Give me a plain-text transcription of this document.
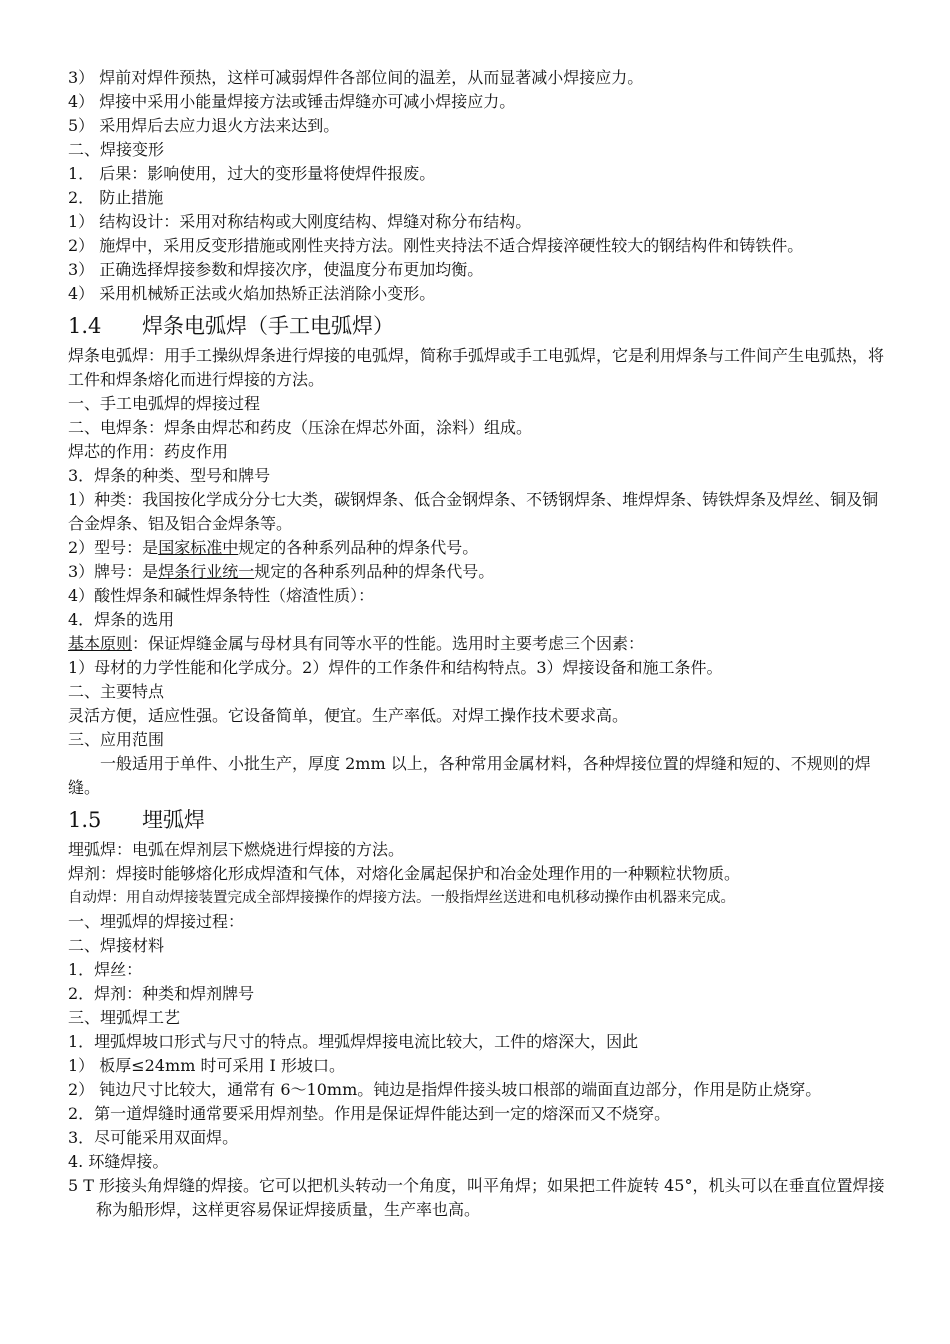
3） 焊前对焊件预热，这样可减弱焊件各部位间的温差，从而显著减小焊接应力。
4） 焊接中采用小能量焊接方法或锤击焊缝亦可减小焊接应力。
5） 采用焊后去应力退火方法来达到。
二、焊接变形
1． 后果：影响使用，过大的变形量将使焊件报废。
2． 防止措施
1） 结构设计：采用对称结构或大刚度结构、焊缝对称分布结构。
2） 施焊中，采用反变形措施或刚性夹持方法。刚性夹持法不适合焊接淬硬性较大的钢结构件和铸铁件。
3） 正确选择焊接参数和焊接次序，使温度分布更加均衡。
4） 采用机械矫正法或火焰加热矫正法消除小变形。
1.4 焊条电弧焊（手工电弧焊）
焊条电弧焊：用手工操纵焊条进行焊接的电弧焊，简称手弧焊或手工电弧焊，它是利用焊条与工件间产生电弧热，将工件和焊条熔化而进行焊接的方法。
一、手工电弧焊的焊接过程
二、电焊条：焊条由焊芯和药皮（压涂在焊芯外面，涂料）组成。
焊芯的作用：药皮作用
3．焊条的种类、型号和牌号
1）种类：我国按化学成分分七大类，碳钢焊条、低合金钢焊条、不锈钢焊条、堆焊焊条、铸铁焊条及焊丝、铜及铜合金焊条、铝及铝合金焊条等。
2）型号：是国家标准中规定的各种系列品种的焊条代号。
3）牌号：是焊条行业统一规定的各种系列品种的焊条代号。
4）酸性焊条和碱性焊条特性（熔渣性质）：
4．焊条的选用
基本原则：保证焊缝金属与母材具有同等水平的性能。选用时主要考虑三个因素：
1）母材的力学性能和化学成分。2）焊件的工作条件和结构特点。3）焊接设备和施工条件。
二、主要特点
灵活方便，适应性强。它设备简单，便宜。生产率低。对焊工操作技术要求高。
三、应用范围
一般适用于单件、小批生产，厚度 2mm 以上，各种常用金属材料，各种焊接位置的焊缝和短的、不规则的焊缝。
1.5 埋弧焊
埋弧焊：电弧在焊剂层下燃烧进行焊接的方法。
焊剂：焊接时能够熔化形成焊渣和气体，对熔化金属起保护和冶金处理作用的一种颗粒状物质。
自动焊：用自动焊接装置完成全部焊接操作的焊接方法。一般指焊丝送进和电机移动操作由机器来完成。
一、埋弧焊的焊接过程：
二、焊接材料
1．焊丝：
2．焊剂：种类和焊剂牌号
三、埋弧焊工艺
1．埋弧焊坡口形式与尺寸的特点。埋弧焊焊接电流比较大，工件的熔深大，因此
1） 板厚≤24mm 时可采用 I 形坡口。
2） 钝边尺寸比较大，通常有 6～10mm。钝边是指焊件接头坡口根部的端面直边部分，作用是防止烧穿。
2．第一道焊缝时通常要采用焊剂垫。作用是保证焊件能达到一定的熔深而又不烧穿。
3．尽可能采用双面焊。
4. 环缝焊接。
5 T 形接头角焊缝的焊接。它可以把机头转动一个角度，叫平角焊；如果把工件旋转 45°，机头可以在垂直位置焊接称为船形焊，这样更容易保证焊接质量，生产率也高。
